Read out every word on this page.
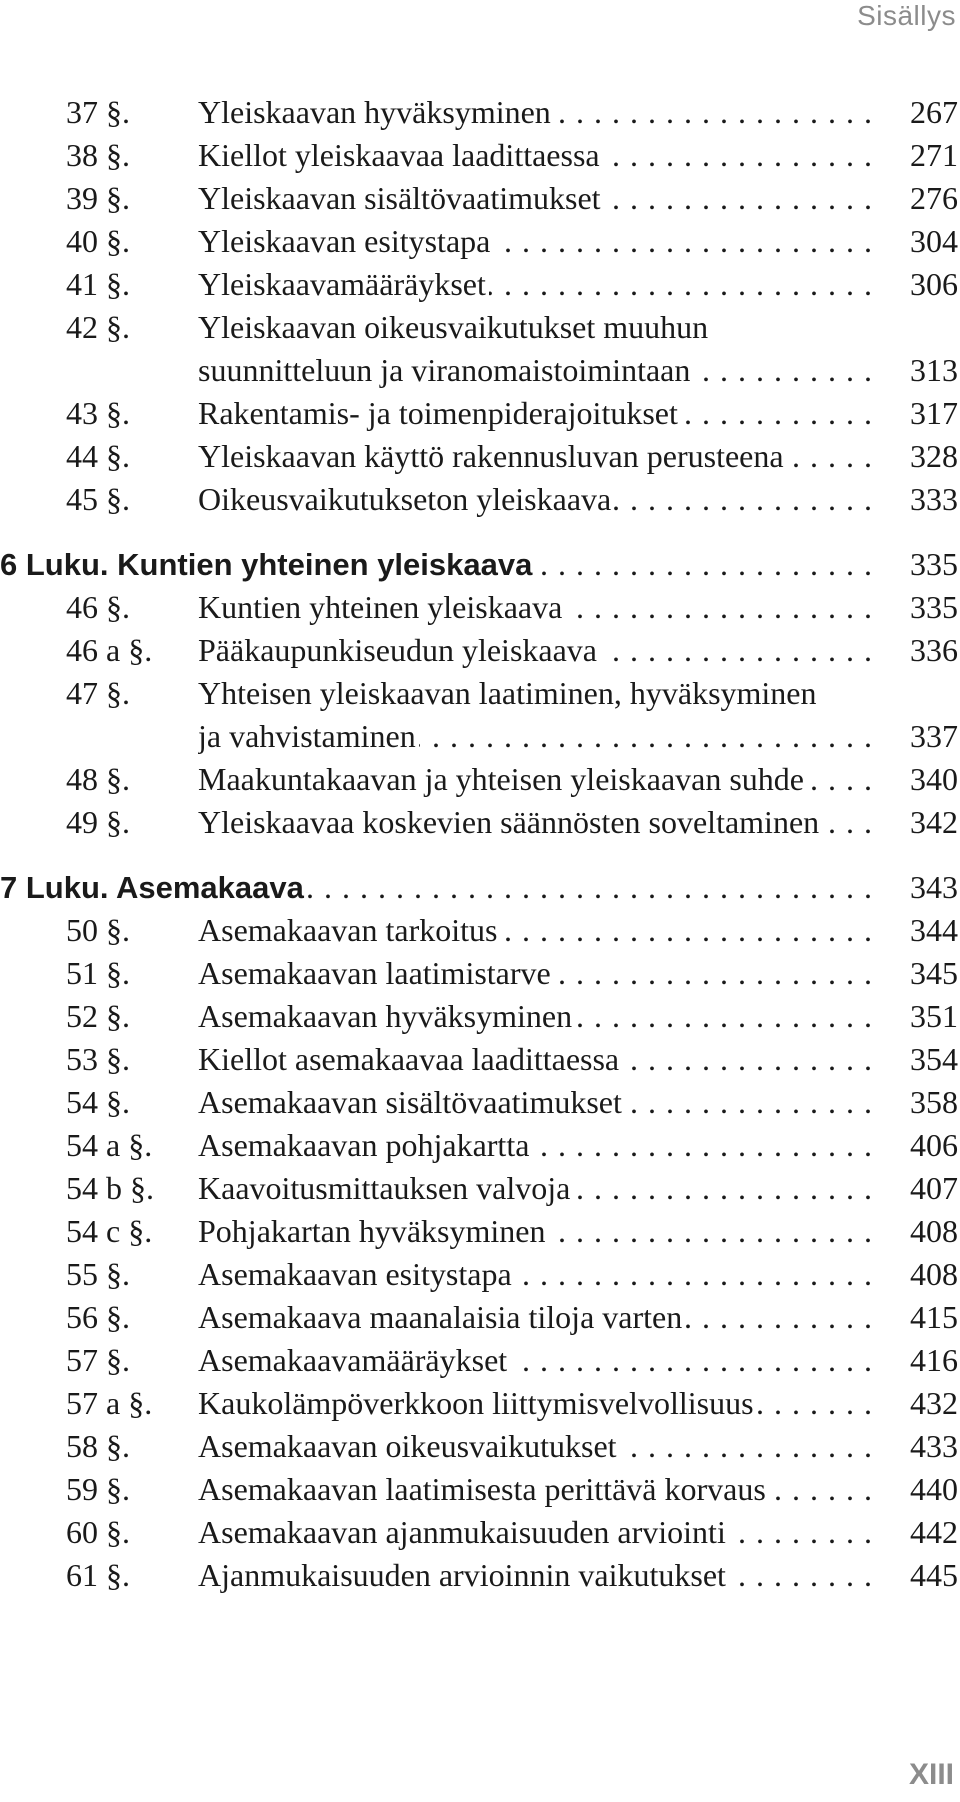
Sisällys
37 §. Yleiskaavan hyväksyminen . . .	267
38 §. Kiellot yleiskaavaa laadittaessa . . .	271
39 §. Yleiskaavan sisältövaatimukset . . .	276
40 §. Yleiskaavan esitystapa . . .	304
41 §. Yleiskaavamääräykset . . .	306
42 §. Yleiskaavan oikeusvaikutukset muuhun
suunnitteluun ja viranomaistoimintaan . . .	313
43 §. Rakentamis- ja toimenpiderajoitukset . . .	317
44 §. Yleiskaavan käyttö rakennusluvan perusteena . . .	328
45 §. Oikeusvaikutukseton yleiskaava . . .	333
6 Luku. Kuntien yhteinen yleiskaava . . .	335
46 §. Kuntien yhteinen yleiskaava . . .	335
46 a §. Pääkaupunkiseudun yleiskaava . . .	336
47 §. Yhteisen yleiskaavan laatiminen, hyväksyminen
ja vahvistaminen . . .	337
48 §. Maakuntakaavan ja yhteisen yleiskaavan suhde . . .	340
49 §. Yleiskaavaa koskevien säännösten soveltaminen . . .	342
7 Luku. Asemakaava . . .	343
50 §. Asemakaavan tarkoitus . . .	344
51 §. Asemakaavan laatimistarve . . .	345
52 §. Asemakaavan hyväksyminen . . .	351
53 §. Kiellot asemakaavaa laadittaessa . . .	354
54 §. Asemakaavan sisältövaatimukset . . .	358
54 a §. Asemakaavan pohjakartta . . .	406
54 b §. Kaavoitusmittauksen valvoja . . .	407
54 c §. Pohjakartan hyväksyminen . . .	408
55 §. Asemakaavan esitystapa . . .	408
56 §. Asemakaava maanalaisia tiloja varten . . .	415
57 §. Asemakaavamääräykset . . .	416
57 a §. Kaukolämpöverkkoon liittymisvelvollisuus . . .	432
58 §. Asemakaavan oikeusvaikutukset . . .	433
59 §. Asemakaavan laatimisesta perittävä korvaus . . .	440
60 §. Asemakaavan ajanmukaisuuden arviointi . . .	442
61 §. Ajanmukaisuuden arvioinnin vaikutukset . . .	445
XIII
